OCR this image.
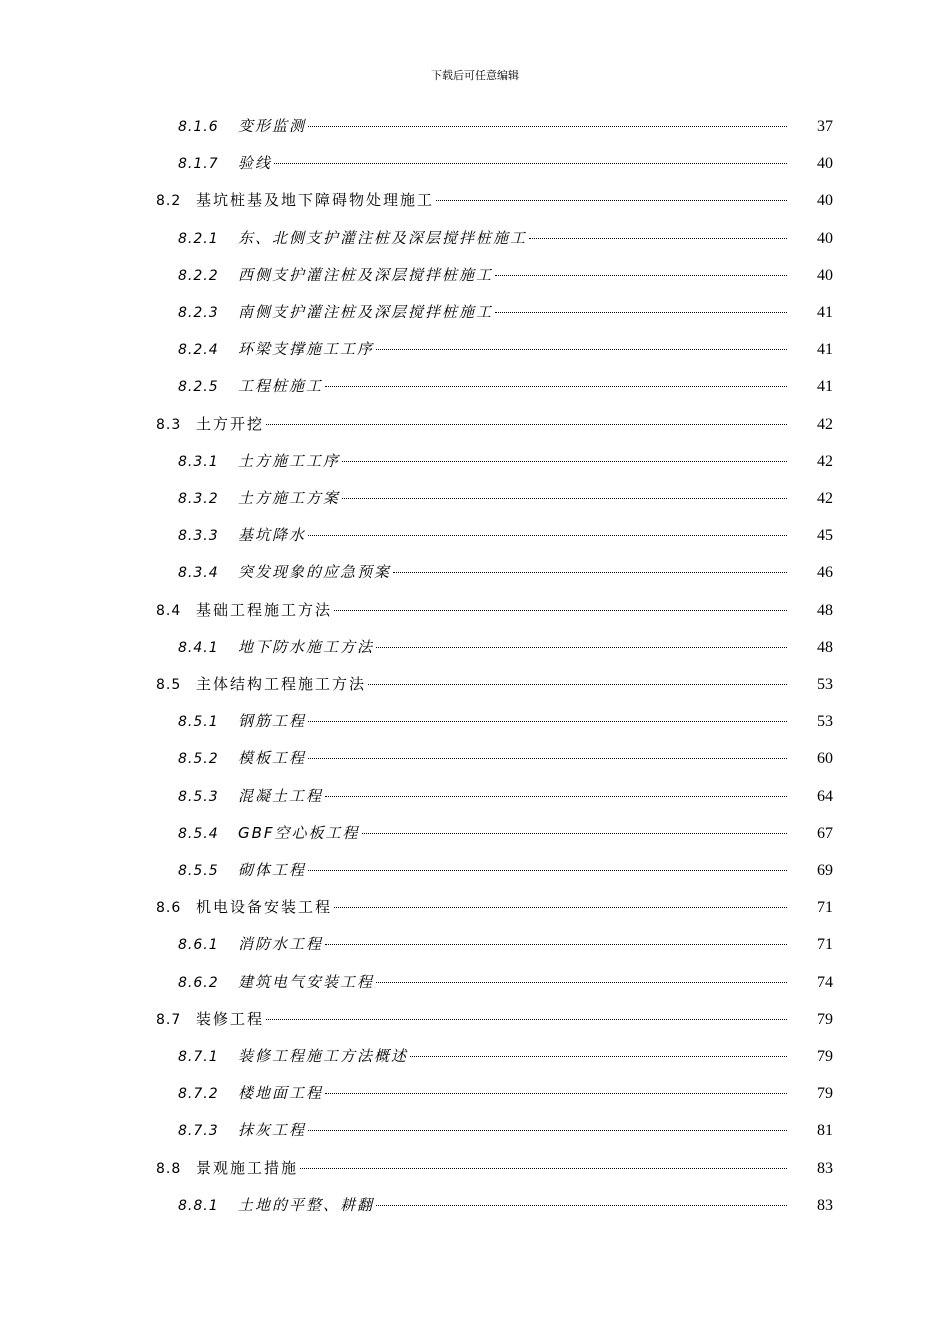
下载后可任意编辑
8.1.6	变形监测	37
8.1.7	验线	40
8.2 基坑桩基及地下障碍物处理施工	40
8.2.1	东、北侧支护灌注桩及深层搅拌桩施工	40
8.2.2	西侧支护灌注桩及深层搅拌桩施工	40
8.2.3	南侧支护灌注桩及深层搅拌桩施工	41
8.2.4	环梁支撑施工工序	41
8.2.5	工程桩施工	41
8.3 土方开挖	42
8.3.1	土方施工工序	42
8.3.2	土方施工方案	42
8.3.3	基坑降水	45
8.3.4	突发现象的应急预案	46
8.4 基础工程施工方法	48
8.4.1	地下防水施工方法	48
8.5 主体结构工程施工方法	53
8.5.1	钢筋工程	53
8.5.2	模板工程	60
8.5.3	混凝土工程	64
8.5.4	GBF空心板工程	67
8.5.5	砌体工程	69
8.6 机电设备安装工程	71
8.6.1	消防水工程	71
8.6.2	建筑电气安装工程	74
8.7 装修工程	79
8.7.1	装修工程施工方法概述	79
8.7.2	楼地面工程	79
8.7.3	抹灰工程	81
8.8 景观施工措施	83
8.8.1	土地的平整、耕翻	83
